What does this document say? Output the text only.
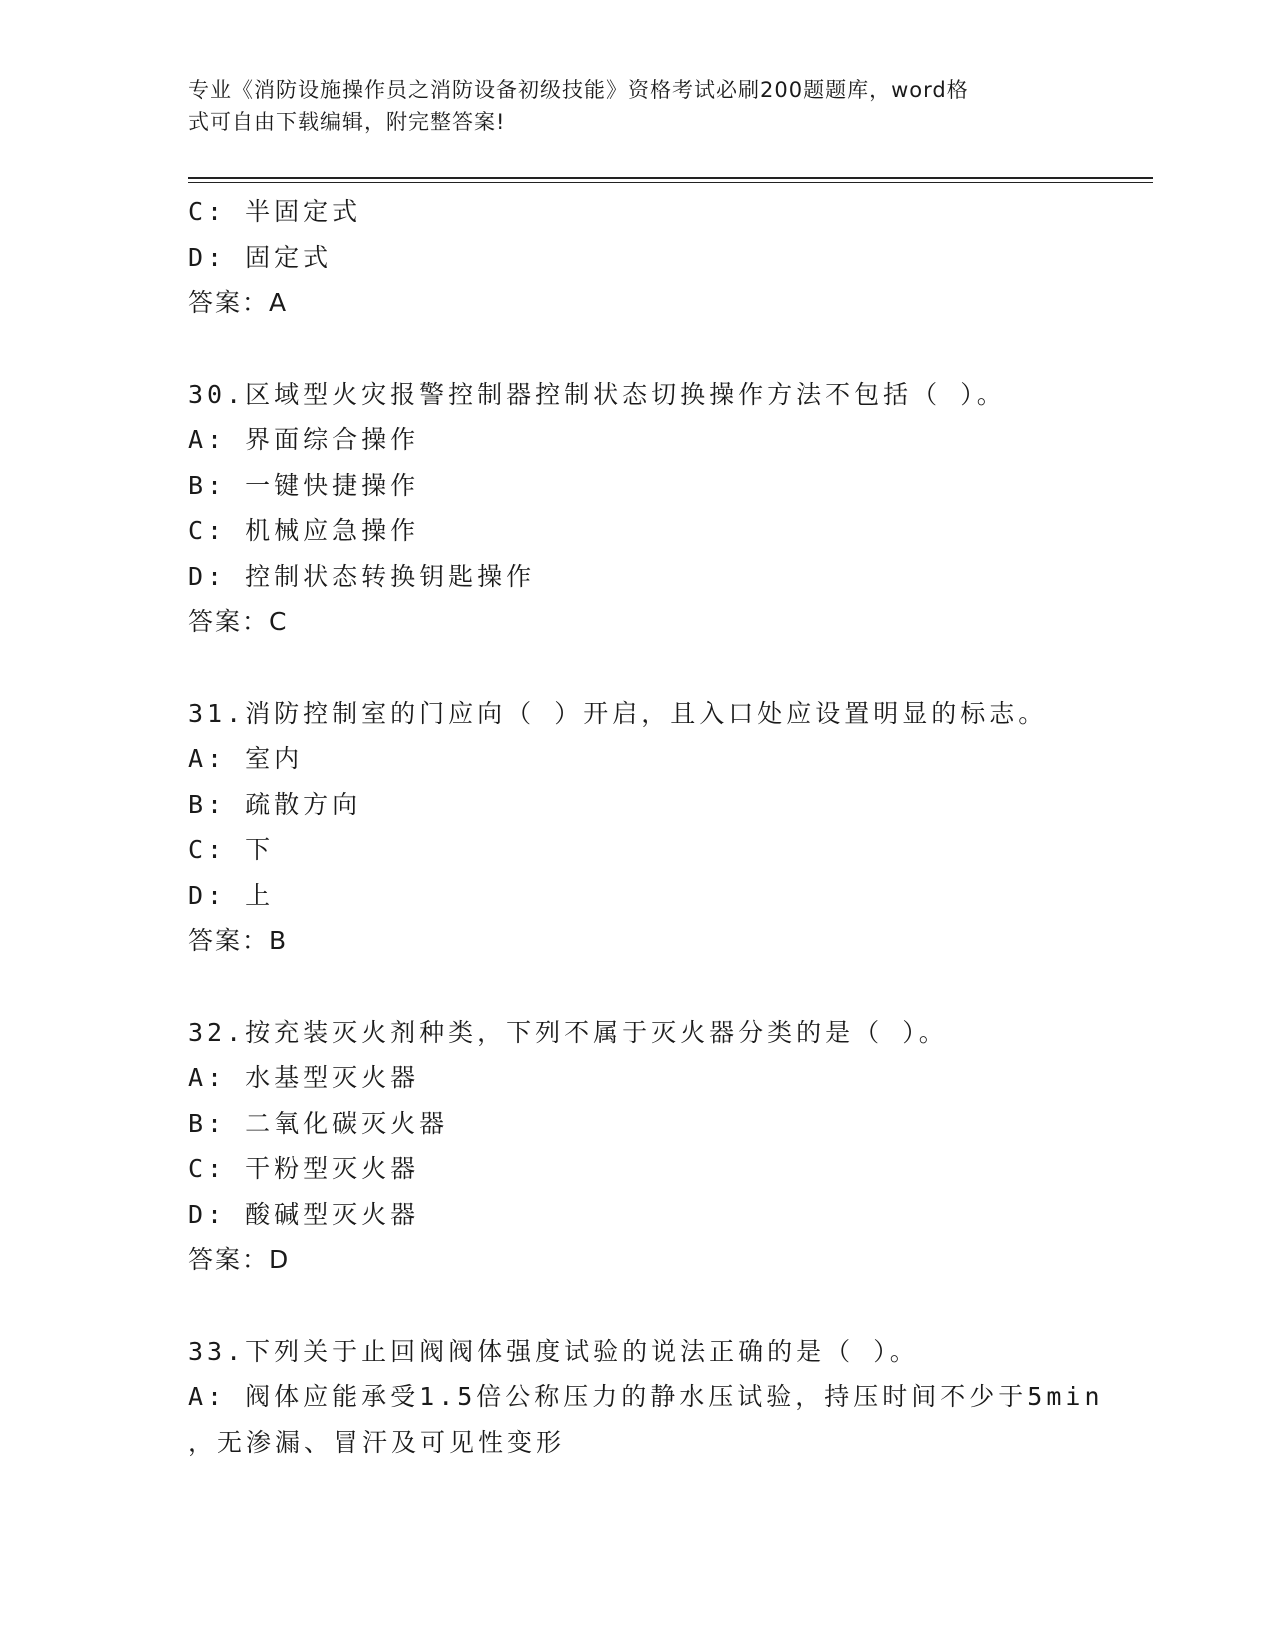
专业《消防设施操作员之消防设备初级技能》资格考试必刷200题题库，word格
式可自由下载编辑，附完整答案!
C: 半固定式
D: 固定式
答案：A
30.区域型火灾报警控制器控制状态切换操作方法不包括（ ）。
A: 界面综合操作
B: 一键快捷操作
C: 机械应急操作
D: 控制状态转换钥匙操作
答案：C
31.消防控制室的门应向（ ）开启，且入口处应设置明显的标志。
A: 室内
B: 疏散方向
C: 下
D: 上
答案：B
32.按充装灭火剂种类，下列不属于灭火器分类的是（ ）。
A: 水基型灭火器
B: 二氧化碳灭火器
C: 干粉型灭火器
D: 酸碱型灭火器
答案：D
33.下列关于止回阀阀体强度试验的说法正确的是（ ）。
A: 阀体应能承受1.5倍公称压力的静水压试验，持压时间不少于5min
，无渗漏、冒汗及可见性变形
